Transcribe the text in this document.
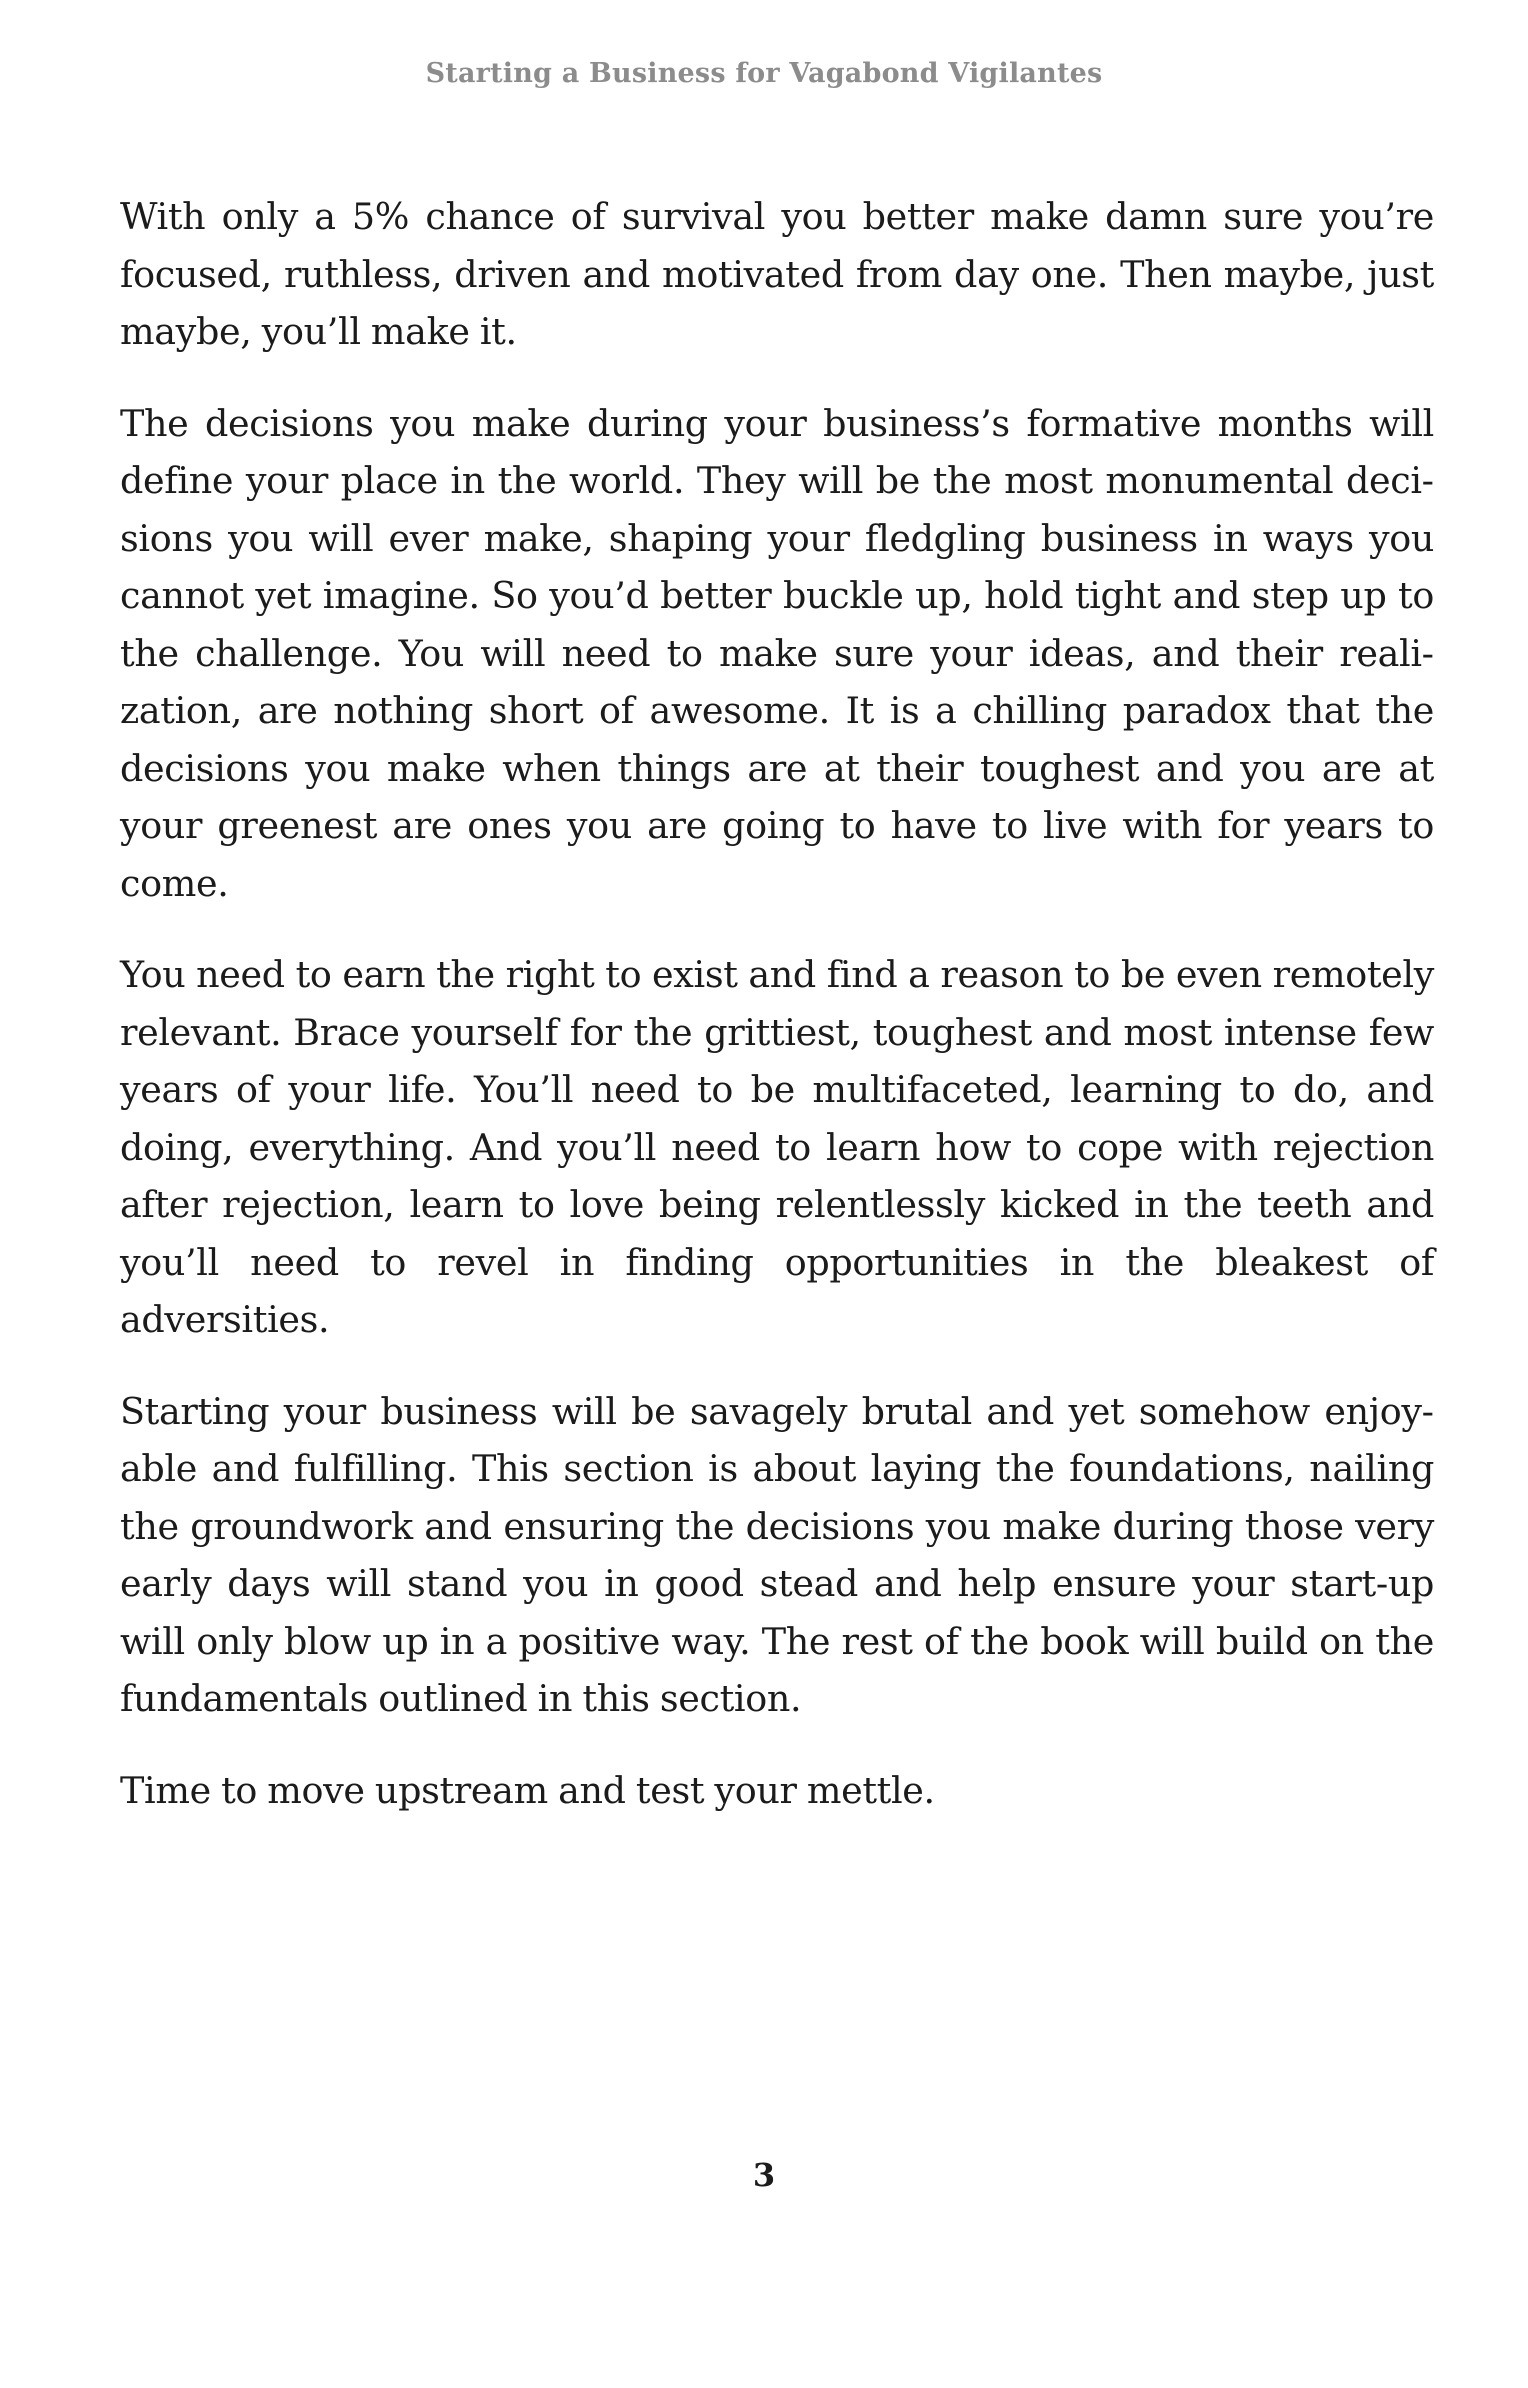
Starting a Business for Vagabond Vigilantes

With only a 5% chance of survival you better make damn sure you’re focused, ruthless, driven and motivated from day one. Then maybe, just maybe, you’ll make it.

The decisions you make during your business’s formative months will define your place in the world. They will be the most monumental decisions you will ever make, shaping your fledgling business in ways you cannot yet imagine. So you’d better buckle up, hold tight and step up to the challenge. You will need to make sure your ideas, and their realization, are nothing short of awesome. It is a chilling paradox that the decisions you make when things are at their toughest and you are at your greenest are ones you are going to have to live with for years to come.

You need to earn the right to exist and find a reason to be even remotely relevant. Brace yourself for the grittiest, toughest and most intense few years of your life. You’ll need to be multifaceted, learning to do, and doing, everything. And you’ll need to learn how to cope with rejection after rejection, learn to love being relentlessly kicked in the teeth and you’ll need to revel in finding opportunities in the bleakest of adversities.

Starting your business will be savagely brutal and yet somehow enjoyable and fulfilling. This section is about laying the foundations, nailing the groundwork and ensuring the decisions you make during those very early days will stand you in good stead and help ensure your start-up will only blow up in a positive way. The rest of the book will build on the fundamentals outlined in this section.

Time to move upstream and test your mettle.

3
